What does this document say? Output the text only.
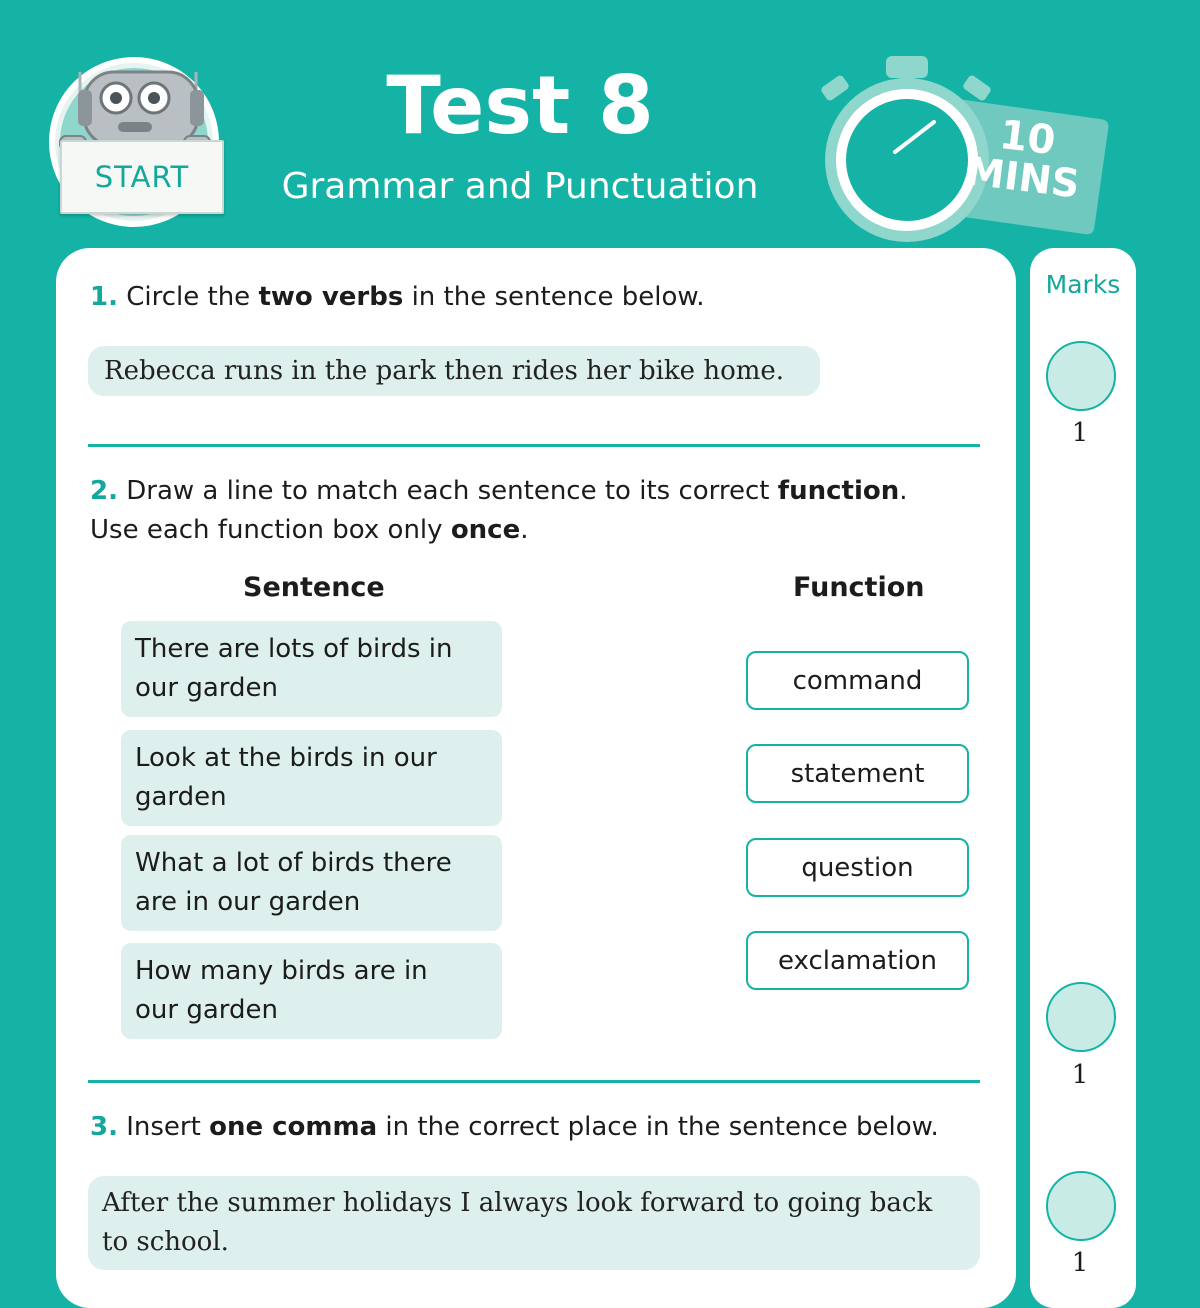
START
Test 8
Grammar and Punctuation
10
MINS
Marks
1
1
1
1. Circle the two verbs in the sentence below.
Rebecca runs in the park then rides her bike home.
2. Draw a line to match each sentence to its correct function.
Use each function box only once.
Sentence	Function
There are lots of birds in
our garden
Look at the birds in our
garden
What a lot of birds there
are in our garden
How many birds are in
our garden
command
statement
question
exclamation
3. Insert one comma in the correct place in the sentence below.
After the summer holidays I always look forward to going back
to school.
